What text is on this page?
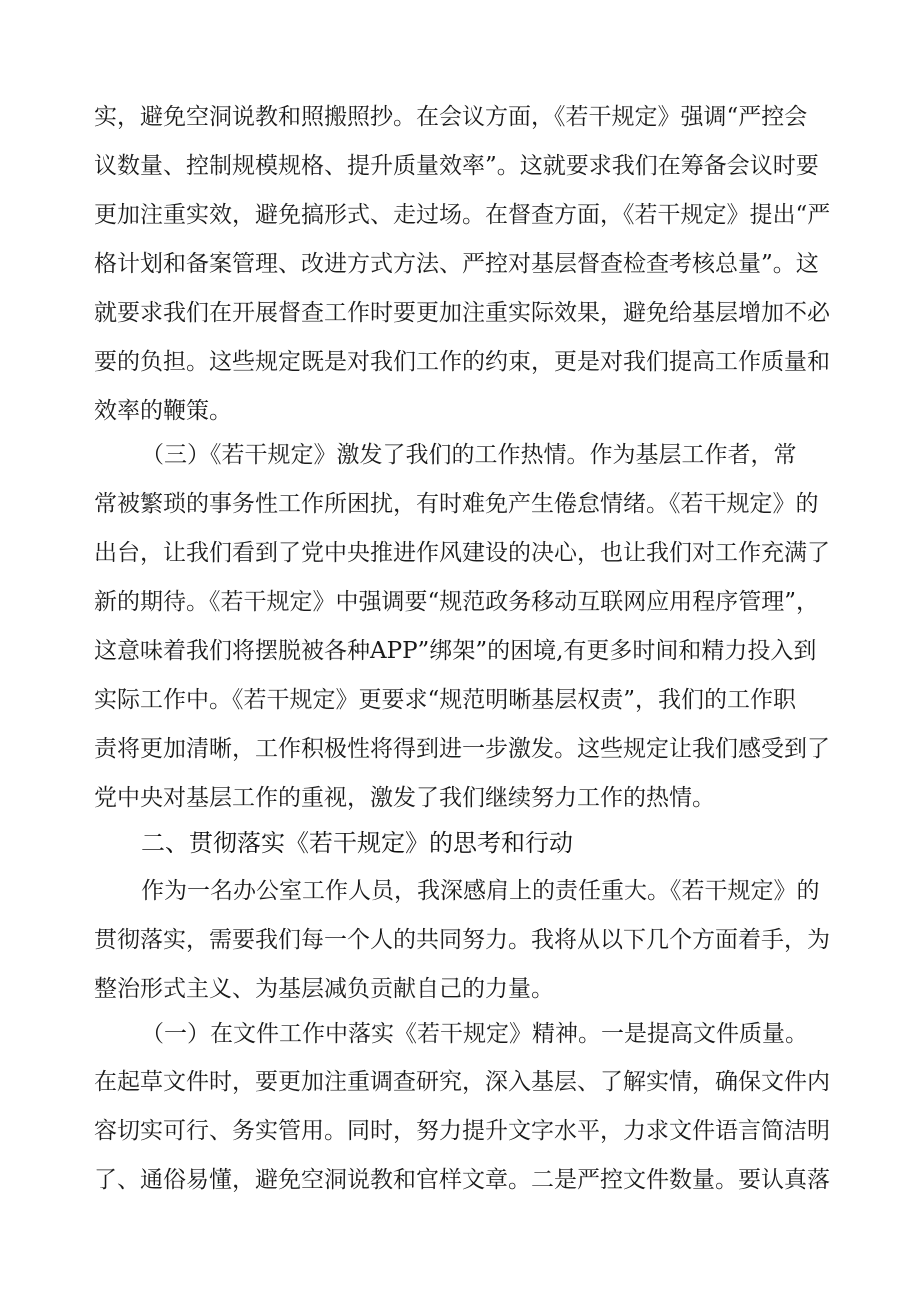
实，避免空洞说教和照搬照抄。在会议方面，《若干规定》强调“严控会
议数量、控制规模规格、提升质量效率”。这就要求我们在筹备会议时要
更加注重实效，避免搞形式、走过场。在督查方面，《若干规定》提出“严
格计划和备案管理、改进方式方法、严控对基层督查检查考核总量”。这
就要求我们在开展督查工作时要更加注重实际效果，避免给基层增加不必
要的负担。这些规定既是对我们工作的约束，更是对我们提高工作质量和
效率的鞭策。
（三）《若干规定》激发了我们的工作热情。作为基层工作者，常
常被繁琐的事务性工作所困扰，有时难免产生倦怠情绪。《若干规定》的
出台，让我们看到了党中央推进作风建设的决心，也让我们对工作充满了
新的期待。《若干规定》中强调要“规范政务移动互联网应用程序管理”，
这意味着我们将摆脱被各种APP”绑架”的困境,有更多时间和精力投入到
实际工作中。《若干规定》更要求“规范明晰基层权责”，我们的工作职
责将更加清晰，工作积极性将得到进一步激发。这些规定让我们感受到了
党中央对基层工作的重视，激发了我们继续努力工作的热情。
二、贯彻落实《若干规定》的思考和行动
作为一名办公室工作人员，我深感肩上的责任重大。《若干规定》的
贯彻落实，需要我们每一个人的共同努力。我将从以下几个方面着手，为
整治形式主义、为基层减负贡献自己的力量。
（一）在文件工作中落实《若干规定》精神。一是提高文件质量。
在起草文件时，要更加注重调查研究，深入基层、了解实情，确保文件内
容切实可行、务实管用。同时，努力提升文字水平，力求文件语言简洁明
了、通俗易懂，避免空洞说教和官样文章。二是严控文件数量。要认真落
